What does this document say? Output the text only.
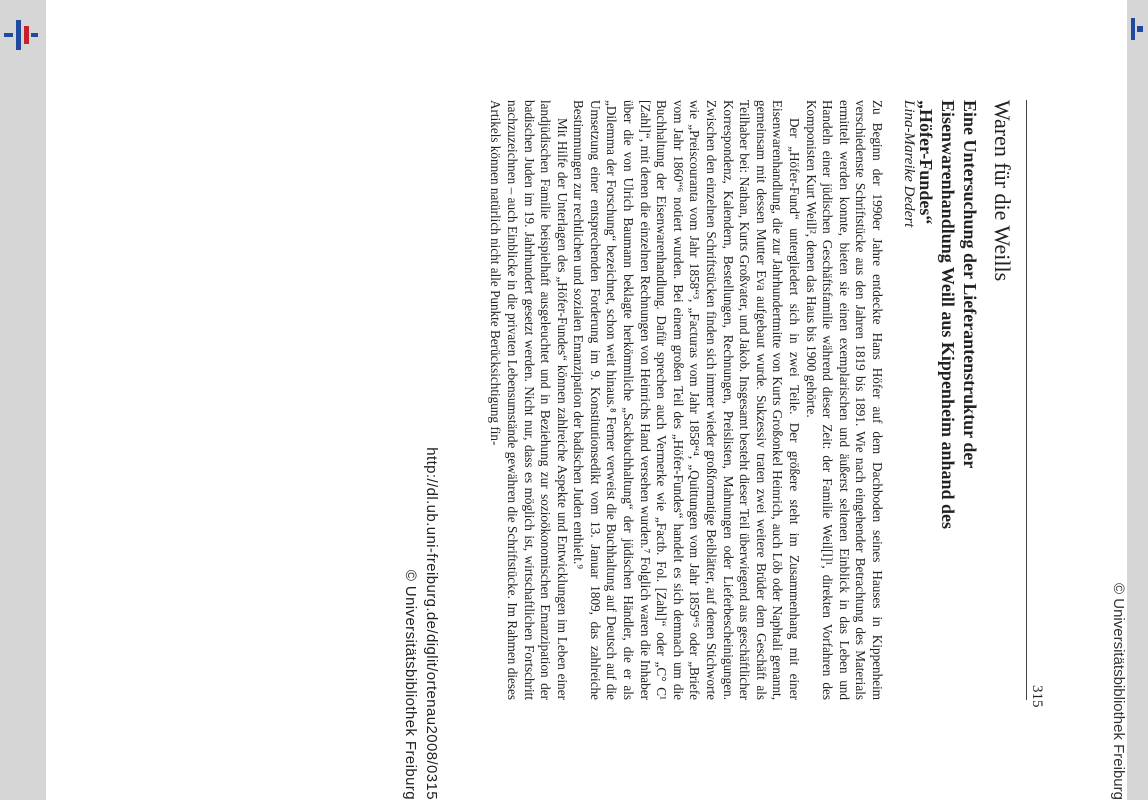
© Universitätsbibliothek Freiburg
http://dl.ub.uni-freiburg.de/diglit/ortenau2008/0315
© Universitätsbibliothek Freiburg	315
Waren für die Weills
Eine Untersuchung der Lieferantenstruktur der Eisenwarenhandlung Weill aus Kippenheim anhand des „Höfer-Fundes“
Lina-Mareike Dedert

Zu Beginn der 1990er Jahre entdeckte Hans Höfer auf dem Dachboden seines Hauses in Kippenheim verschiedenste Schriftstücke aus den Jahren 1819 bis 1891. Wie nach eingehender Betrachtung des Materials ermittelt werden konnte, bieten sie einen exemplarischen und äußerst seltenen Einblick in das Leben und Handeln einer jüdischen Geschäftsfamilie während dieser Zeit: der Familie Weil[l]¹, direkten Vorfahren des Komponisten Kurt Weill², denen das Haus bis 1900 gehörte.

Der „Höfer-Fund“ untergliedert sich in zwei Teile. Der größere steht im Zusammenhang mit einer Eisenwarenhandlung, die zur Jahrhundertmitte von Kurts Großonkel Heinrich, auch Löb oder Naphtali genannt, gemeinsam mit dessen Mutter Eva aufgebaut wurde. Sukzessiv traten zwei weitere Brüder dem Geschäft als Teilhaber bei: Nathan, Kurts Großvater, und Jakob. Insgesamt besteht dieser Teil überwiegend aus geschäftlicher Korrespondenz, Kalendern, Bestellungen, Rechnungen, Preislisten, Mahnungen oder Lieferbescheinigungen. Zwischen den einzelnen Schriftstücken finden sich immer wieder großformatige Beiblätter, auf denen Stichworte wie „Preiscouranta vom Jahr 1858“³, „Facturas vom Jahr 1858“⁴, „Quittungen vom Jahr 1859“⁵ oder „Briefe vom Jahr 1860“⁶ notiert wurden. Bei einem großen Teil des „Höfer-Fundes“ handelt es sich demnach um die Buchhaltung der Eisenwarenhandlung. Dafür sprechen auch Vermerke wie „Factb. Fol. [Zahl]“ oder „C° C¹ [Zahl]“, mit denen die einzelnen Rechnungen von Heinrichs Hand versehen wurden.⁷ Folglich waren die Inhaber über die von Ulrich Baumann beklagte herkömmliche „Sackbuchhaltung“ der jüdischen Händler, die er als „Dilemma der Forschung“ bezeichnet, schon weit hinaus.⁸ Ferner verweist die Buchhaltung auf Deutsch auf die Umsetzung einer entsprechenden Forderung im 9. Konstitutionsedikt vom 13. Januar 1809, das zahlreiche Bestimmungen zur rechtlichen und sozialen Emanzipation der badischen Juden enthielt.⁹

Mit Hilfe der Unterlagen des „Höfer-Fundes“ können zahlreiche Aspekte und Entwicklungen im Leben einer landjüdischen Familie beispielhaft ausgeleuchtet und in Beziehung zur sozioökonomischen Emanzipation der badischen Juden im 19. Jahrhundert gesetzt werden. Nicht nur, dass es möglich ist, wirtschaftlichen Fortschritt nachzuzeichnen – auch Einblicke in die privaten Lebensumstände gewähren die Schriftstücke. Im Rahmen dieses Artikels können natürlich nicht alle Punkte Berücksichtigung fin-
